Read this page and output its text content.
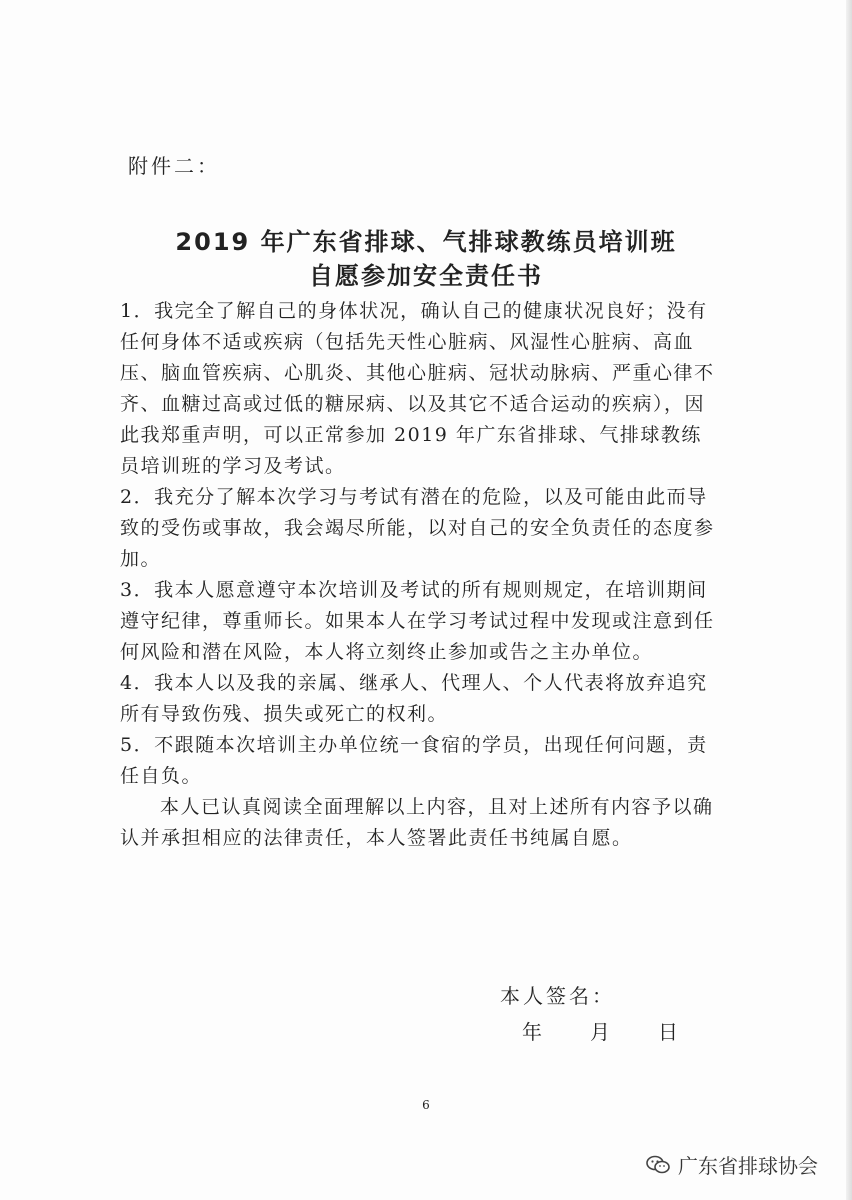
附件二：
2019 年广东省排球、气排球教练员培训班
自愿参加安全责任书

1．我完全了解自己的身体状况，确认自己的健康状况良好；没有任何身体不适或疾病（包括先天性心脏病、风湿性心脏病、高血压、脑血管疾病、心肌炎、其他心脏病、冠状动脉病、严重心律不齐、血糖过高或过低的糖尿病、以及其它不适合运动的疾病），因此我郑重声明，可以正常参加 2019 年广东省排球、气排球教练员培训班的学习及考试。

2．我充分了解本次学习与考试有潜在的危险，以及可能由此而导致的受伤或事故，我会竭尽所能，以对自己的安全负责任的态度参加。

3．我本人愿意遵守本次培训及考试的所有规则规定，在培训期间遵守纪律，尊重师长。如果本人在学习考试过程中发现或注意到任何风险和潜在风险，本人将立刻终止参加或告之主办单位。

4．我本人以及我的亲属、继承人、代理人、个人代表将放弃追究所有导致伤残、损失或死亡的权利。

5．不跟随本次培训主办单位统一食宿的学员，出现任何问题，责任自负。

本人已认真阅读全面理解以上内容，且对上述所有内容予以确认并承担相应的法律责任，本人签署此责任书纯属自愿。

本人签名：
年 月 日
6
广东省排球协会
